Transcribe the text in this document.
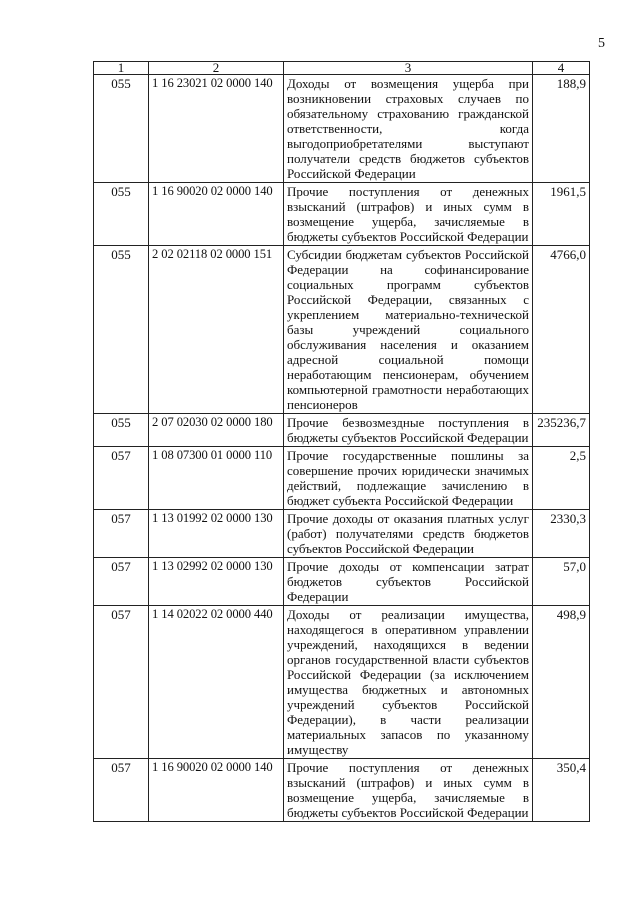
5
1	2	3	4
055	1 16 23021 02 0000 140	Доходы от возмещения ущерба при возникновении страховых случаев по обязательному страхованию гражданской ответственности, когда выгодоприобретателями выступают получатели средств бюджетов субъектов Российской Федерации	188,9
055	1 16 90020 02 0000 140	Прочие поступления от денежных взысканий (штрафов) и иных сумм в возмещение ущерба, зачисляемые в бюджеты субъектов Российской Федерации	1961,5
055	2 02 02118 02 0000 151	Субсидии бюджетам субъектов Российской Федерации на софинансирование социальных программ субъектов Российской Федерации, связанных с укреплением материально-технической базы учреждений социального обслуживания населения и оказанием адресной социальной помощи неработающим пенсионерам, обучением компьютерной грамотности неработающих пенсионеров	4766,0
055	2 07 02030 02 0000 180	Прочие безвозмездные поступления в бюджеты субъектов Российской Федерации	235236,7
057	1 08 07300 01 0000 110	Прочие государственные пошлины за совершение прочих юридически значимых действий, подлежащие зачислению в бюджет субъекта Российской Федерации	2,5
057	1 13 01992 02 0000 130	Прочие доходы от оказания платных услуг (работ) получателями средств бюджетов субъектов Российской Федерации	2330,3
057	1 13 02992 02 0000 130	Прочие доходы от компенсации затрат бюджетов субъектов Российской Федерации	57,0
057	1 14 02022 02 0000 440	Доходы от реализации имущества, находящегося в оперативном управлении учреждений, находящихся в ведении органов государственной власти субъектов Российской Федерации (за исключением имущества бюджетных и автономных учреждений субъектов Российской Федерации), в части реализации материальных запасов по указанному имуществу	498,9
057	1 16 90020 02 0000 140	Прочие поступления от денежных взысканий (штрафов) и иных сумм в возмещение ущерба, зачисляемые в бюджеты субъектов Российской Федерации	350,4
